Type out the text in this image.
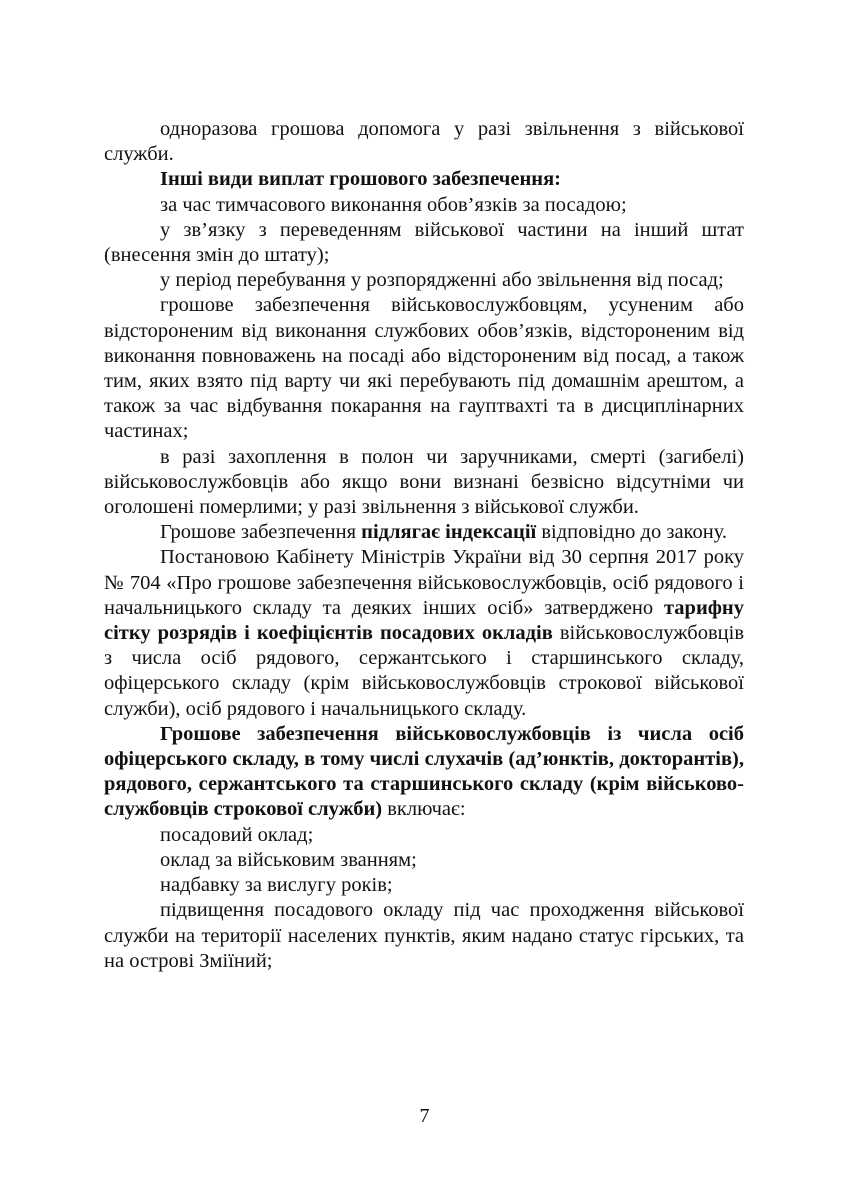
одноразова грошова допомога у разі звільнення з військової служби.

Інші види виплат грошового забезпечення:

за час тимчасового виконання обов’язків за посадою;

у зв’язку з переведенням військової частини на інший штат (внесення змін до штату);

у період перебування у розпорядженні або звільнення від посад;

грошове забезпечення військовослужбовцям, усуненим або відстороненим від виконання службових обов’язків, відстороненим від виконання повноважень на посаді або відстороненим від посад, а також тим, яких взято під варту чи які перебувають під домашнім арештом, а також за час відбування покарання на гауптвахті та в дисциплінарних частинах;

в разі захоплення в полон чи заручниками, смерті (загибелі) військовослужбовців або якщо вони визнані безвісно відсутніми чи оголошені померлими; у разі звільнення з військової служби.

Грошове забезпечення підлягає індексації відповідно до закону.

Постановою Кабінету Міністрів України від 30 серпня 2017 року № 704 «Про грошове забезпечення військовослужбовців, осіб рядового і начальницького складу та деяких інших осіб» затверджено тарифну сітку розрядів і коефіцієнтів посадових окладів військовослужбовців з числа осіб рядового, сержантського і старшинського складу, офіцерського складу (крім військовослужбовців строкової військової служби), осіб рядового і начальницького складу.

Грошове забезпечення військовослужбовців із числа осіб офіцерського складу, в тому числі слухачів (ад’юнктів, докторантів), рядового, сержантського та старшинського складу (крім військово-службовців строкової служби) включає:

посадовий оклад;

оклад за військовим званням;

надбавку за вислугу років;

підвищення посадового окладу під час проходження військової служби на території населених пунктів, яким надано статус гірських, та на острові Зміїний;

7
